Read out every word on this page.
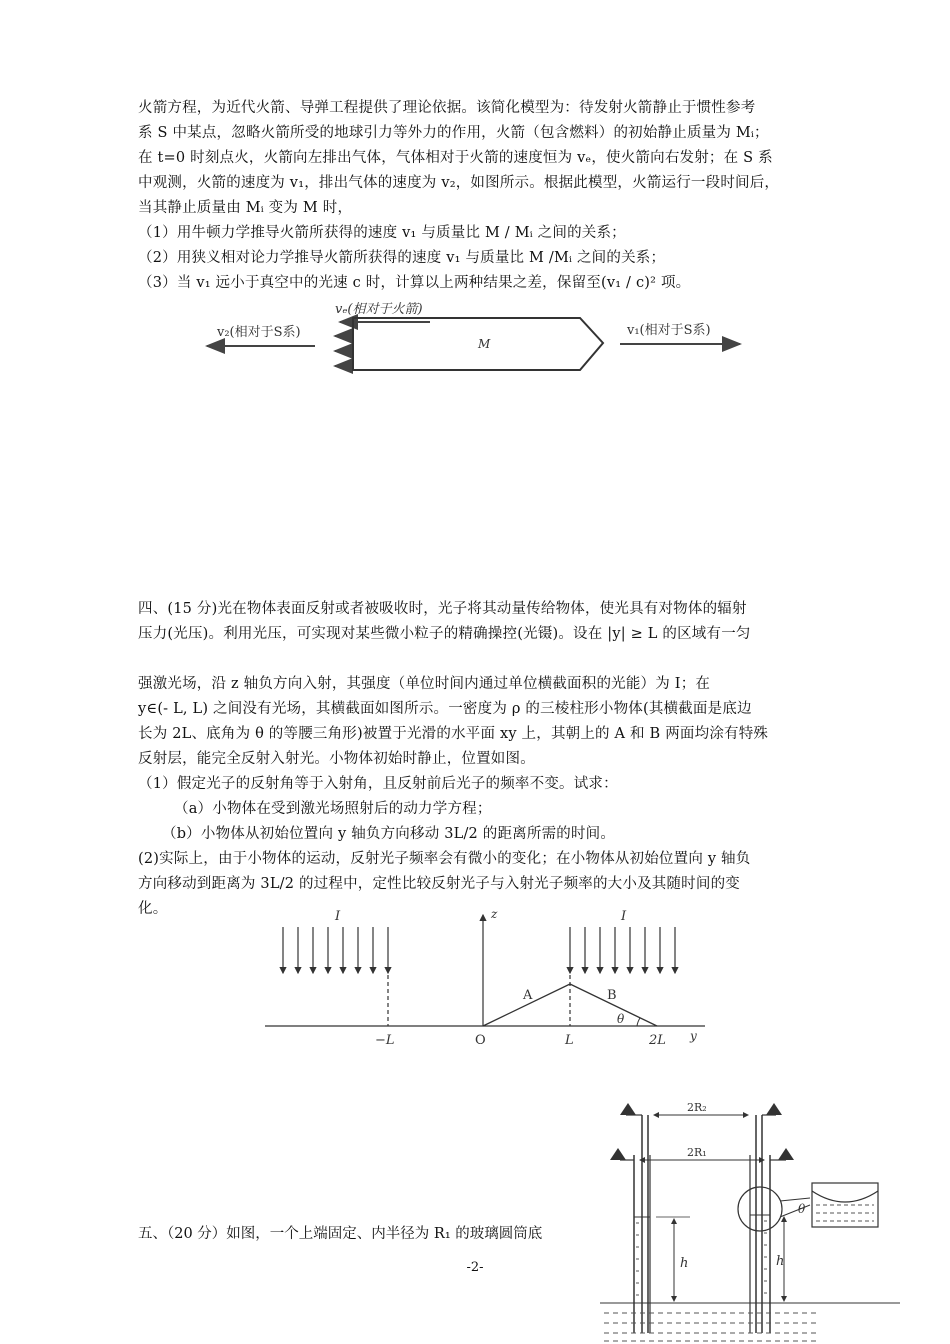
火箭方程，为近代火箭、导弹工程提供了理论依据。该简化模型为：待发射火箭静止于惯性参考

系 S 中某点，忽略火箭所受的地球引力等外力的作用，火箭（包含燃料）的初始静止质量为 Mᵢ；

在 t=0 时刻点火，火箭向左排出气体，气体相对于火箭的速度恒为 vₑ，使火箭向右发射；在 S 系

中观测，火箭的速度为 v₁，排出气体的速度为 v₂，如图所示。根据此模型，火箭运行一段时间后，

当其静止质量由 Mᵢ 变为 M 时，

（1）用牛顿力学推导火箭所获得的速度 v₁ 与质量比 M / Mᵢ 之间的关系；

（2）用狭义相对论力学推导火箭所获得的速度 v₁ 与质量比 M /Mᵢ 之间的关系；

（3）当 v₁ 远小于真空中的光速 c 时，计算以上两种结果之差，保留至(v₁ / c)² 项。

vₑ(相对于火箭)
M
v₂(相对于S系)	v₁(相对于S系)

四、(15 分)光在物体表面反射或者被吸收时，光子将其动量传给物体，使光具有对物体的辐射

压力(光压)。利用光压，可实现对某些微小粒子的精确操控(光镊)。设在 |y| ≥ L 的区域有一匀

强激光场，沿 z 轴负方向入射，其强度（单位时间内通过单位横截面积的光能）为 I；在

y∈(- L, L) 之间没有光场，其横截面如图所示。一密度为 ρ 的三棱柱形小物体(其横截面是底边

长为 2L、底角为 θ 的等腰三角形)被置于光滑的水平面 xy 上，其朝上的 A 和 B 两面均涂有特殊

反射层，能完全反射入射光。小物体初始时静止，位置如图。

（1）假定光子的反射角等于入射角，且反射前后光子的频率不变。试求：

（a）小物体在受到激光场照射后的动力学方程；

（b）小物体从初始位置向 y 轴负方向移动 3L/2 的距离所需的时间。

(2)实际上，由于小物体的运动，反射光子频率会有微小的变化；在小物体从初始位置向 y 轴负

方向移动到距离为 3L/2 的过程中，定性比较反射光子与入射光子频率的大小及其随时间的变

化。	I	z	I
A	B
θ
y
−L	O	L	2L
五、（20 分）如图，一个上端固定、内半径为 R₁ 的玻璃圆筒底
2R₂
2R₁
h	h
θ
-2-
